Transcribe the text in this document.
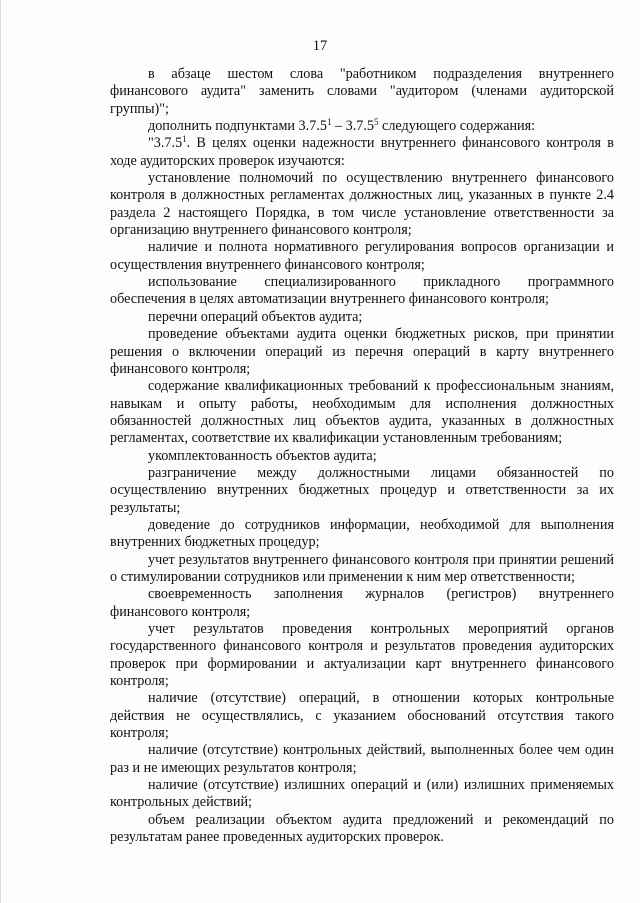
17

в абзаце шестом слова "работником подразделения внутреннего финансового аудита" заменить словами "аудитором (членами аудиторской группы)";

дополнить подпунктами 3.7.5$^1$ – 3.7.5$^5$ следующего содержания:

"3.7.5$^1$. В целях оценки надежности внутреннего финансового контроля в ходе аудиторских проверок изучаются:

установление полномочий по осуществлению внутреннего финансового контроля в должностных регламентах должностных лиц, указанных в пункте 2.4 раздела 2 настоящего Порядка, в том числе установление ответственности за организацию внутреннего финансового контроля;

наличие и полнота нормативного регулирования вопросов организации и осуществления внутреннего финансового контроля;

использование специализированного прикладного программного обеспечения в целях автоматизации внутреннего финансового контроля;

перечни операций объектов аудита;

проведение объектами аудита оценки бюджетных рисков, при принятии решения о включении операций из перечня операций в карту внутреннего финансового контроля;

содержание квалификационных требований к профессиональным знаниям, навыкам и опыту работы, необходимым для исполнения должностных обязанностей должностных лиц объектов аудита, указанных в должностных регламентах, соответствие их квалификации установленным требованиям;

укомплектованность объектов аудита;

разграничение между должностными лицами обязанностей по осуществлению внутренних бюджетных процедур и ответственности за их результаты;

доведение до сотрудников информации, необходимой для выполнения внутренних бюджетных процедур;

учет результатов внутреннего финансового контроля при принятии решений о стимулировании сотрудников или применении к ним мер ответственности;

своевременность заполнения журналов (регистров) внутреннего финансового контроля;

учет результатов проведения контрольных мероприятий органов государственного финансового контроля и результатов проведения аудиторских проверок при формировании и актуализации карт внутреннего финансового контроля;

наличие (отсутствие) операций, в отношении которых контрольные действия не осуществлялись, с указанием обоснований отсутствия такого контроля;

наличие (отсутствие) контрольных действий, выполненных более чем один раз и не имеющих результатов контроля;

наличие (отсутствие) излишних операций и (или) излишних применяемых контрольных действий;

объем реализации объектом аудита предложений и рекомендаций по результатам ранее проведенных аудиторских проверок.
